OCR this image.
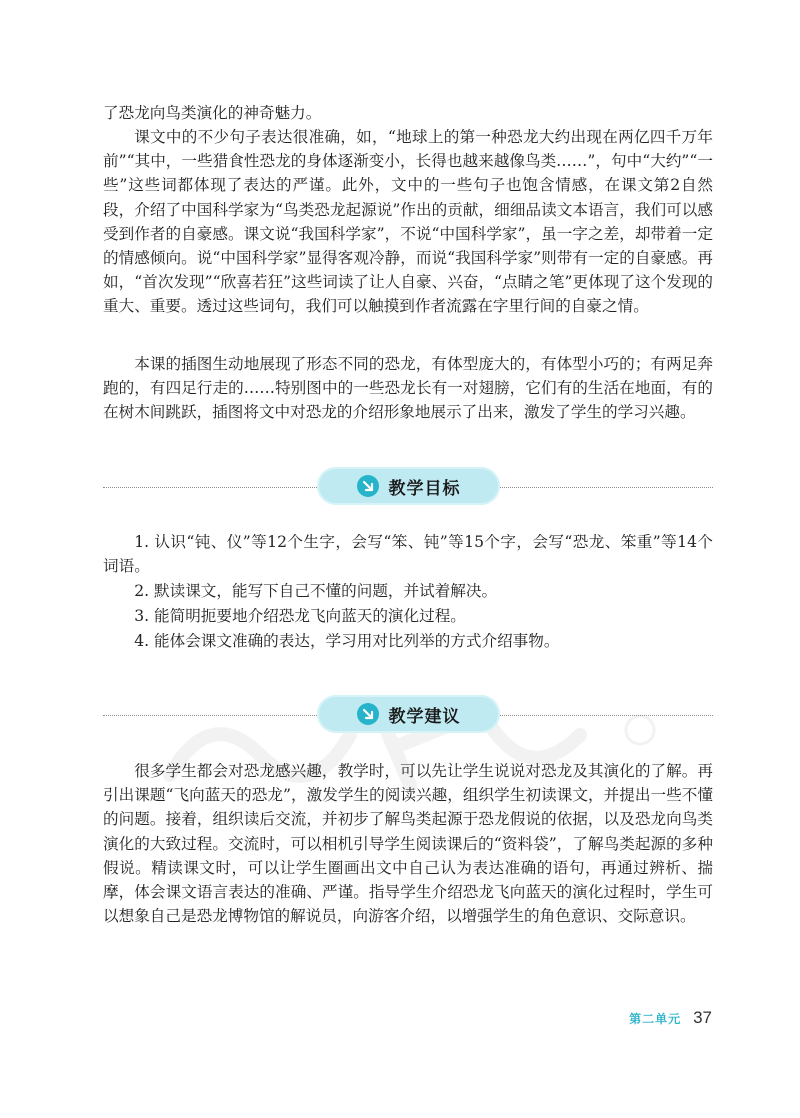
了恐龙向鸟类演化的神奇魅力。

课文中的不少句子表达很准确，如，“地球上的第一种恐龙大约出现在两亿四千万年前”“其中，一些猎食性恐龙的身体逐渐变小，长得也越来越像鸟类……”，句中“大约”“一些”这些词都体现了表达的严谨。此外，文中的一些句子也饱含情感，在课文第2自然段，介绍了中国科学家为“鸟类恐龙起源说”作出的贡献，细细品读文本语言，我们可以感受到作者的自豪感。课文说“我国科学家”，不说“中国科学家”，虽一字之差，却带着一定的情感倾向。说“中国科学家”显得客观冷静，而说“我国科学家”则带有一定的自豪感。再如，“首次发现”“欣喜若狂”这些词读了让人自豪、兴奋，“点睛之笔”更体现了这个发现的重大、重要。透过这些词句，我们可以触摸到作者流露在字里行间的自豪之情。

本课的插图生动地展现了形态不同的恐龙，有体型庞大的，有体型小巧的；有两足奔跑的，有四足行走的……特别图中的一些恐龙长有一对翅膀，它们有的生活在地面，有的在树木间跳跃，插图将文中对恐龙的介绍形象地展示了出来，激发了学生的学习兴趣。

教学目标

1. 认识“钝、仪”等12个生字，会写“笨、钝”等15个字，会写“恐龙、笨重”等14个词语。

2. 默读课文，能写下自己不懂的问题，并试着解决。

3. 能简明扼要地介绍恐龙飞向蓝天的演化过程。

4. 能体会课文准确的表达，学习用对比列举的方式介绍事物。

教学建议

很多学生都会对恐龙感兴趣，教学时，可以先让学生说说对恐龙及其演化的了解。再引出课题“飞向蓝天的恐龙”，激发学生的阅读兴趣，组织学生初读课文，并提出一些不懂的问题。接着，组织读后交流，并初步了解鸟类起源于恐龙假说的依据，以及恐龙向鸟类演化的大致过程。交流时，可以相机引导学生阅读课后的“资料袋”，了解鸟类起源的多种假说。精读课文时，可以让学生圈画出文中自己认为表达准确的语句，再通过辨析、揣摩，体会课文语言表达的准确、严谨。指导学生介绍恐龙飞向蓝天的演化过程时，学生可以想象自己是恐龙博物馆的解说员，向游客介绍，以增强学生的角色意识、交际意识。

第二单元 37
